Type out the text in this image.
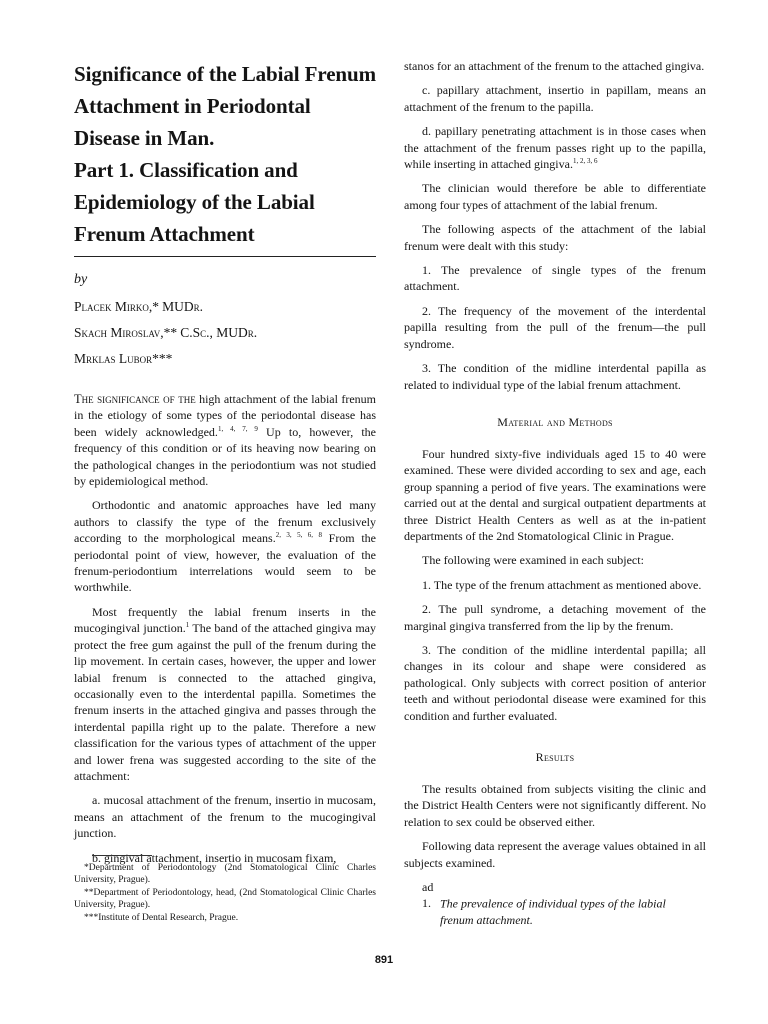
Significance of the Labial Frenum
Attachment in Periodontal
Disease in Man.
Part 1. Classification and
Epidemiology of the Labial
Frenum Attachment

by

Placek Mirko,* MUDr.

Skach Miroslav,** C.Sc., MUDr.

Mrklas Lubor***

The significance of the high attachment of the labial frenum in the etiology of some types of the periodontal disease has been widely acknowledged.$^{1, 4, 7, 9}$ Up to, however, the frequency of this condition or of its heaving now bearing on the pathological changes in the periodontium was not studied by epidemiological method.

Orthodontic and anatomic approaches have led many authors to classify the type of the frenum exclusively according to the morphological means.$^{2, 3, 5, 6, 8}$ From the periodontal point of view, however, the evaluation of the frenum-periodontium interrelations would seem to be worthwhile.

Most frequently the labial frenum inserts in the mucogingival junction.$^1$ The band of the attached gingiva may protect the free gum against the pull of the frenum during the lip movement. In certain cases, however, the upper and lower labial frenum is connected to the attached gingiva, occasionally even to the interdental papilla. Sometimes the frenum inserts in the attached gingiva and passes through the interdental papilla right up to the palate. Therefore a new classification for the various types of attachment of the upper and lower frena was suggested according to the site of the attachment:

a. mucosal attachment of the frenum, insertio in mucosam, means an attachment of the frenum to the mucogingival junction.

b. gingival attachment, insertio in mucosam fixam,

*Department of Periodontology (2nd Stomatological Clinic Charles University, Prague).

**Department of Periodontology, head, (2nd Stomatological Clinic Charles University, Prague).

***Institute of Dental Research, Prague.

stanos for an attachment of the frenum to the attached gingiva.

c. papillary attachment, insertio in papillam, means an attachment of the frenum to the papilla.

d. papillary penetrating attachment is in those cases when the attachment of the frenum passes right up to the papilla, while inserting in attached gingiva.$^{1, 2, 3, 6}$

The clinician would therefore be able to differentiate among four types of attachment of the labial frenum.

The following aspects of the attachment of the labial frenum were dealt with this study:

1. The prevalence of single types of the frenum attachment.

2. The frequency of the movement of the interdental papilla resulting from the pull of the frenum—the pull syndrome.

3. The condition of the midline interdental papilla as related to individual type of the labial frenum attachment.

Material and Methods

Four hundred sixty-five individuals aged 15 to 40 were examined. These were divided according to sex and age, each group spanning a period of five years. The examinations were carried out at the dental and surgical outpatient departments at three District Health Centers as well as at the in-patient departments of the 2nd Stomatological Clinic in Prague.

The following were examined in each subject:

1. The type of the frenum attachment as mentioned above.

2. The pull syndrome, a detaching movement of the marginal gingiva transferred from the lip by the frenum.

3. The condition of the midline interdental papilla; all changes in its colour and shape were considered as pathological. Only subjects with correct position of anterior teeth and without periodontal disease were examined for this condition and further evaluated.

Results

The results obtained from subjects visiting the clinic and the District Health Centers were not significantly different. No relation to sex could be observed either.

Following data represent the average values obtained in all subjects examined.

ad 1. The prevalence of individual types of the labial
frenum attachment.

891
